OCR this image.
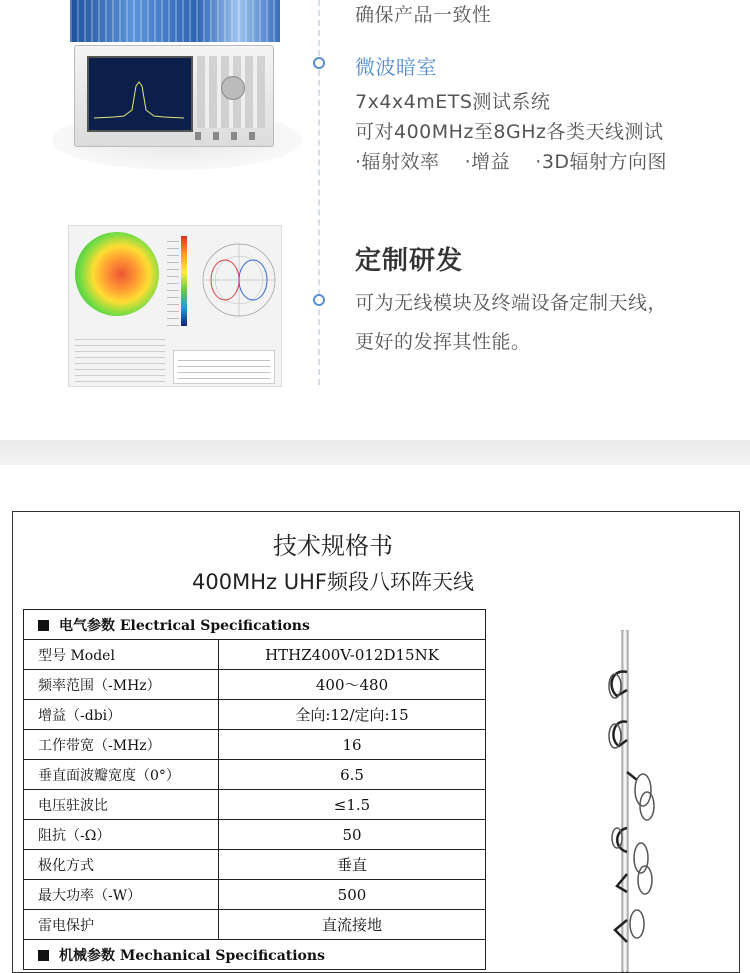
确保产品一致性
微波暗室
7x4x4mETS测试系统
可对400MHz至8GHz各类天线测试
·辐射效率 ·增益 ·3D辐射方向图
定制研发
可为无线模块及终端设备定制天线，
更好的发挥其性能。
技术规格书
400MHz UHF频段八环阵天线
电气参数 Electrical Specifications	
型号 Model	HTHZ400V-012D15NK
频率范围（-MHz）	400～480
增益（-dbi）	全向:12/定向:15
工作带宽（-MHz）	16
垂直面波瓣宽度（0°）	6.5
电压驻波比	≤1.5
阻抗（-Ω）	50
极化方式	垂直
最大功率（-W）	500
雷电保护	直流接地
机械参数 Mechanical Specifications	
